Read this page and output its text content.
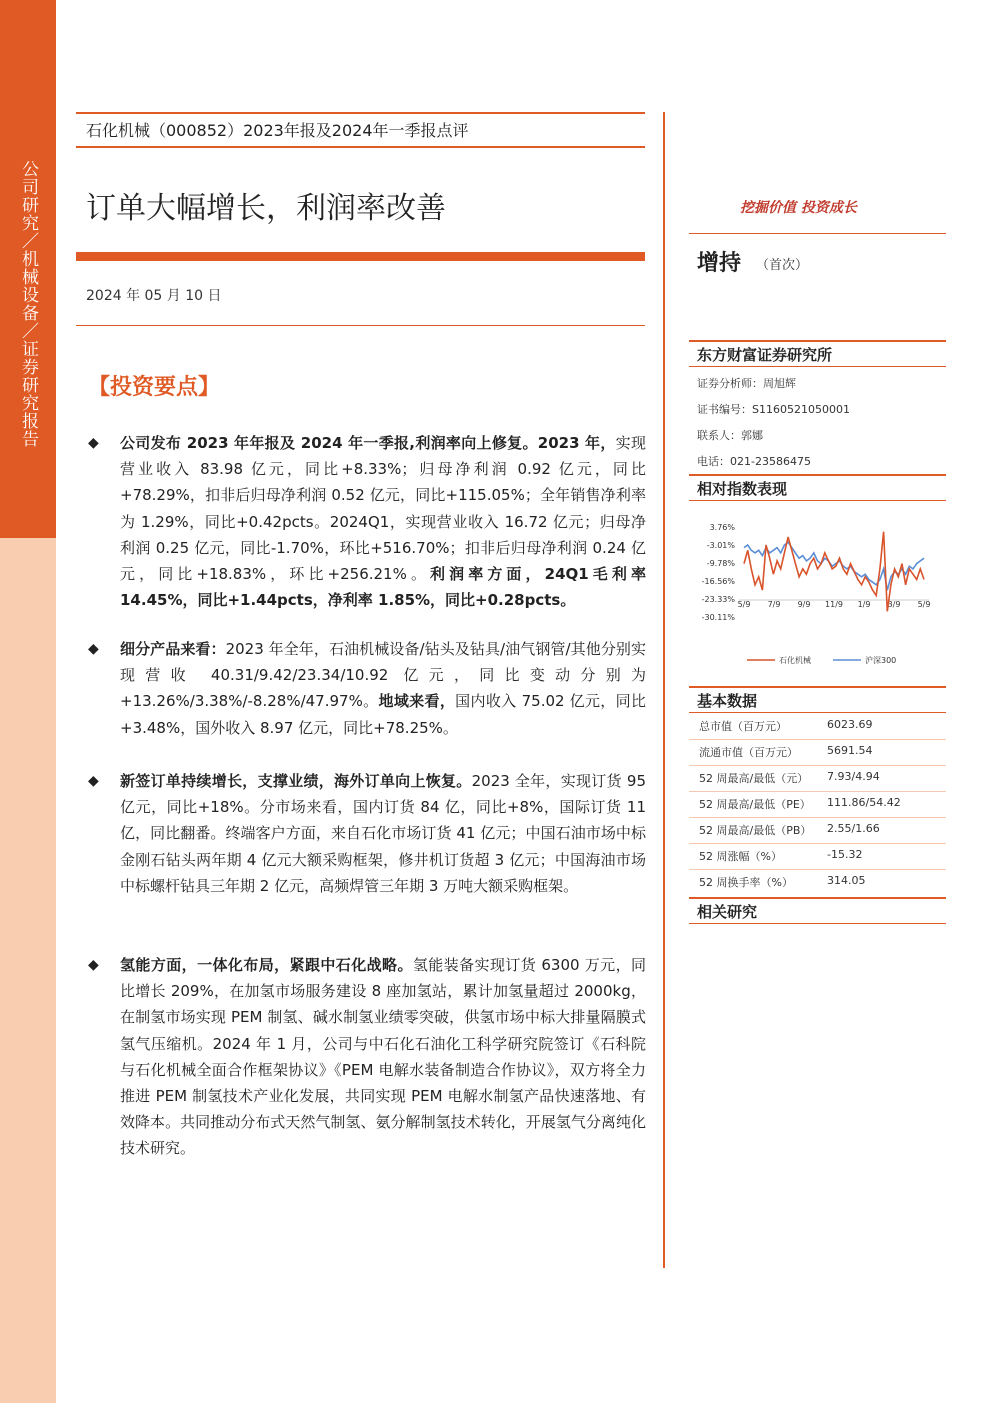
公司研究／机械设备／证券研究报告
石化机械（000852）2023年报及2024年一季报点评
订单大幅增长，利润率改善	挖掘价值 投资成长
2024 年 05 月 10 日
【投资要点】
◆ 公司发布 2023 年年报及 2024 年一季报,利润率向上修复。2023 年，实现营业收入 83.98 亿元，同比+8.33%；归母净利润 0.92 亿元，同比+78.29%，扣非后归母净利润 0.52 亿元，同比+115.05%；全年销售净利率为 1.29%，同比+0.42pcts。2024Q1，实现营业收入 16.72 亿元；归母净利润 0.25 亿元，同比-1.70%，环比+516.70%；扣非后归母净利润 0.24 亿元，同比+18.83%，环比+256.21%。利润率方面，24Q1毛利率 14.45%，同比+1.44pcts，净利率 1.85%，同比+0.28pcts。
◆ 细分产品来看：2023 年全年，石油机械设备/钻头及钻具/油气钢管/其他分别实现营收 40.31/9.42/23.34/10.92 亿元，同比变动分别为+13.26%/3.38%/-8.28%/47.97%。地域来看，国内收入 75.02 亿元，同比+3.48%，国外收入 8.97 亿元，同比+78.25%。
◆ 新签订单持续增长，支撑业绩，海外订单向上恢复。2023 全年，实现订货 95 亿元，同比+18%。分市场来看，国内订货 84 亿，同比+8%，国际订货 11 亿，同比翻番。终端客户方面，来自石化市场订货 41 亿元；中国石油市场中标金刚石钻头两年期 4 亿元大额采购框架，修井机订货超 3 亿元；中国海油市场中标螺杆钻具三年期 2 亿元，高频焊管三年期 3 万吨大额采购框架。
◆ 氢能方面，一体化布局，紧跟中石化战略。氢能装备实现订货 6300 万元，同比增长 209%，在加氢市场服务建设 8 座加氢站，累计加氢量超过 2000kg，在制氢市场实现 PEM 制氢、碱水制氢业绩零突破，供氢市场中标大排量隔膜式氢气压缩机。2024 年 1 月，公司与中石化石油化工科学研究院签订《石科院与石化机械全面合作框架协议》《PEM 电解水装备制造合作协议》，双方将全力推进 PEM 制氢技术产业化发展，共同实现 PEM 电解水制氢产品快速落地、有效降本。共同推动分布式天然气制氢、氨分解制氢技术转化，开展氢气分离纯化技术研究。
增持 （首次）
东方财富证券研究所
证券分析师：周旭辉
证书编号：S1160521050001
联系人：郭娜
电话：021-23586475
相对指数表现
3.76%
-3.01%
-9.78%
-16.56%
-23.33%
-30.11%
5/9 7/9 9/9 11/9 1/9 3/9 5/9
石化机械	沪深300
基本数据
总市值（百万元）	6023.69
流通市值（百万元）	5691.54
52 周最高/最低（元） 7.93/4.94
52 周最高/最低（PE） 111.86/54.42
52 周最高/最低（PB） 2.55/1.66
52 周涨幅（%）	-15.32
52 周换手率（%）	314.05
相关研究
